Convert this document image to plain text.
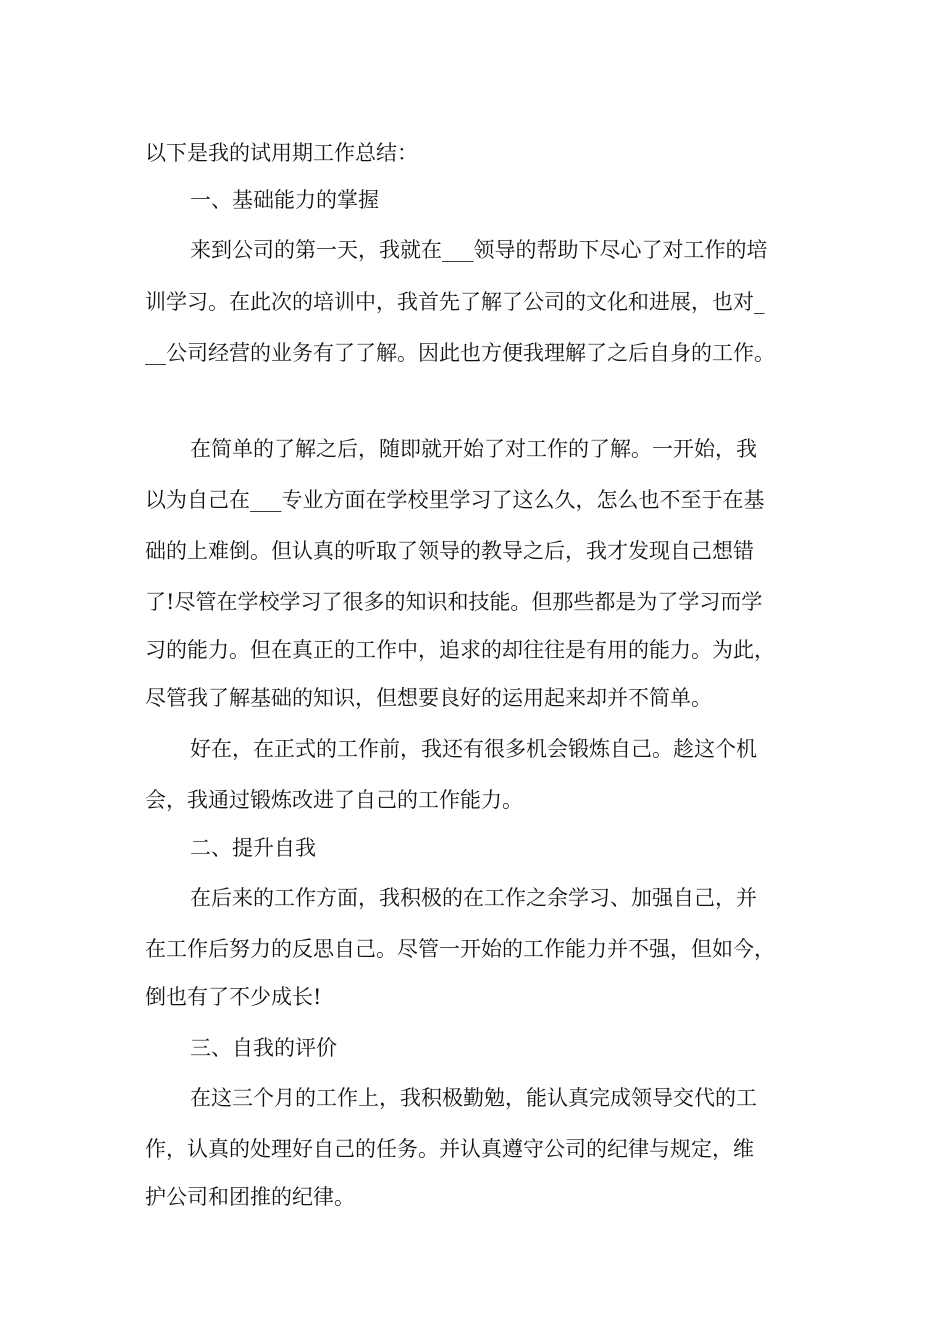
以下是我的试用期工作总结：
一、基础能力的掌握
来到公司的第一天，我就在___领导的帮助下尽心了对工作的培
训学习。在此次的培训中，我首先了解了公司的文化和进展，也对_
__公司经营的业务有了了解。因此也方便我理解了之后自身的工作。
在简单的了解之后，随即就开始了对工作的了解。一开始，我
以为自己在___专业方面在学校里学习了这么久，怎么也不至于在基
础的上难倒。但认真的听取了领导的教导之后，我才发现自己想错
了!尽管在学校学习了很多的知识和技能。但那些都是为了学习而学
习的能力。但在真正的工作中，追求的却往往是有用的能力。为此，
尽管我了解基础的知识，但想要良好的运用起来却并不简单。
好在，在正式的工作前，我还有很多机会锻炼自己。趁这个机
会，我通过锻炼改进了自己的工作能力。
二、提升自我
在后来的工作方面，我积极的在工作之余学习、加强自己，并
在工作后努力的反思自己。尽管一开始的工作能力并不强，但如今，
倒也有了不少成长!
三、自我的评价
在这三个月的工作上，我积极勤勉，能认真完成领导交代的工
作，认真的处理好自己的任务。并认真遵守公司的纪律与规定，维
护公司和团推的纪律。
